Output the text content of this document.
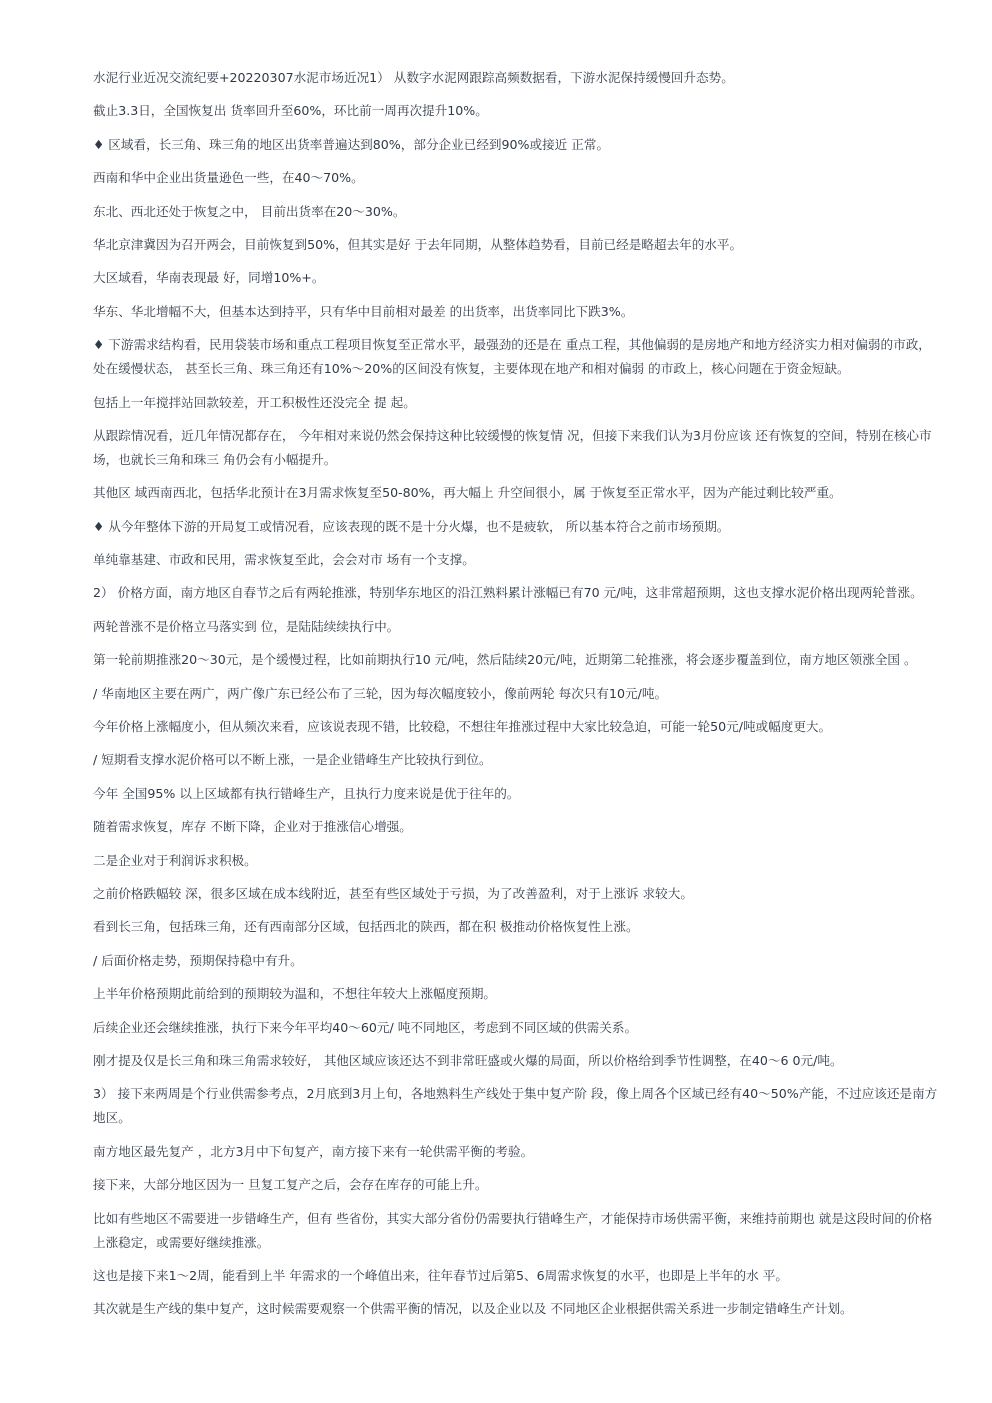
水泥行业近况交流纪要+20220307水泥市场近况1） 从数字水泥网跟踪高频数据看，下游水泥保持缓慢回升态势。

截止3.3日，全国恢复出 货率回升至60%，环比前一周再次提升10%。

♦ 区域看，长三角、珠三角的地区出货率普遍达到80%，部分企业已经到90%或接近 正常。

西南和华中企业出货量逊色一些，在40～70%。

东北、西北还处于恢复之中， 目前出货率在20～30%。

华北京津冀因为召开两会，目前恢复到50%，但其实是好 于去年同期，从整体趋势看，目前已经是略超去年的水平。

大区域看，华南表现最 好，同增10%+。

华东、华北增幅不大，但基本达到持平，只有华中目前相对最差 的出货率，出货率同比下跌3%。

♦ 下游需求结构看，民用袋装市场和重点工程项目恢复至正常水平，最强劲的还是在 重点工程，其他偏弱的是房地产和地方经济实力相对偏弱的市政，处在缓慢状态， 甚至长三角、珠三角还有10%～20%的区间没有恢复，主要体现在地产和相对偏弱 的市政上，核心问题在于资金短缺。

包括上一年搅拌站回款较差，开工积极性还没完全 提 起。

从跟踪情况看，近几年情况都存在， 今年相对来说仍然会保持这种比较缓慢的恢复情 况，但接下来我们认为3月份应该 还有恢复的空间，特别在核心市场，也就长三角和珠三 角仍会有小幅提升。

其他区 域西南西北，包括华北预计在3月需求恢复至50-80%，再大幅上 升空间很小，属 于恢复至正常水平，因为产能过剩比较严重。

♦ 从今年整体下游的开局复工或情况看，应该表现的既不是十分火爆，也不是疲软， 所以基本符合之前市场预期。

单纯靠基建、市政和民用，需求恢复至此，会会对市 场有一个支撑。

2） 价格方面，南方地区自春节之后有两轮推涨，特别华东地区的沿江熟料累计涨幅已有70 元/吨，这非常超预期，这也支撑水泥价格出现两轮普涨。

两轮普涨不是价格立马落实到 位，是陆陆续续执行中。

第一轮前期推涨20～30元，是个缓慢过程，比如前期执行10 元/吨，然后陆续20元/吨，近期第二轮推涨，将会逐步覆盖到位，南方地区领涨全国 。

/ 华南地区主要在两广，两广像广东已经公布了三轮，因为每次幅度较小，像前两轮 每次只有10元/吨。

今年价格上涨幅度小，但从频次来看，应该说表现不错，比较稳，不想往年推涨过程中大家比较急迫，可能一轮50元/吨或幅度更大。

/ 短期看支撑水泥价格可以不断上涨，一是企业错峰生产比较执行到位。

今年 全国95% 以上区域都有执行错峰生产，且执行力度来说是优于往年的。

随着需求恢复，库存 不断下降，企业对于推涨信心增强。

二是企业对于利润诉求积极。

之前价格跌幅较 深，很多区域在成本线附近，甚至有些区域处于亏损，为了改善盈利，对于上涨诉 求较大。

看到长三角，包括珠三角，还有西南部分区域，包括西北的陕西，都在积 极推动价格恢复性上涨。

/ 后面价格走势，预期保持稳中有升。

上半年价格预期此前给到的预期较为温和，不想往年较大上涨幅度预期。

后续企业还会继续推涨，执行下来今年平均40～60元/ 吨不同地区，考虑到不同区域的供需关系。

刚才提及仅是长三角和珠三角需求较好， 其他区域应该还达不到非常旺盛或火爆的局面，所以价格给到季节性调整，在40～6 0元/吨。

3） 接下来两周是个行业供需参考点，2月底到3月上旬，各地熟料生产线处于集中复产阶 段，像上周各个区域已经有40～50%产能，不过应该还是南方地区。

南方地区最先复产 ，北方3月中下旬复产，南方接下来有一轮供需平衡的考验。

接下来，大部分地区因为一 旦复工复产之后，会存在库存的可能上升。

比如有些地区不需要进一步错峰生产，但有 些省份，其实大部分省份仍需要执行错峰生产，才能保持市场供需平衡，来维持前期也 就是这段时间的价格上涨稳定，或需要好继续推涨。

这也是接下来1～2周，能看到上半 年需求的一个峰值出来，往年春节过后第5、6周需求恢复的水平，也即是上半年的水 平。

其次就是生产线的集中复产，这时候需要观察一个供需平衡的情况，以及企业以及 不同地区企业根据供需关系进一步制定错峰生产计划。
